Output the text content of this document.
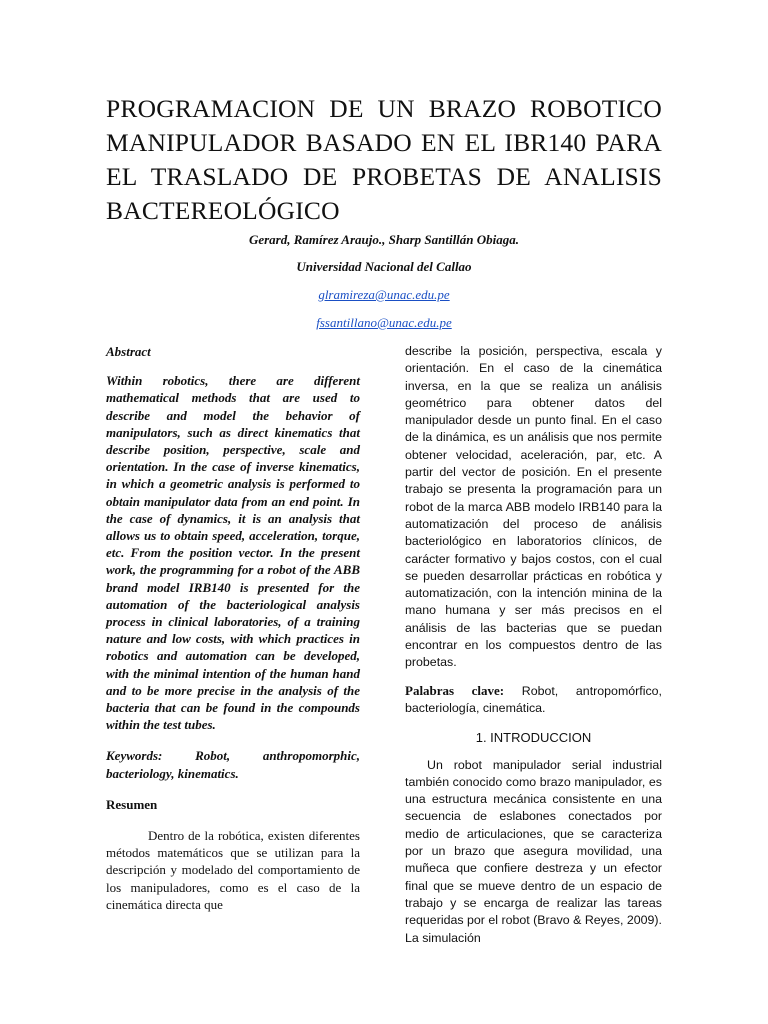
PROGRAMACION DE UN BRAZO ROBOTICO
MANIPULADOR BASADO EN EL IBR140 PARA
EL TRASLADO DE PROBETAS DE ANALISIS
BACTEREOLÓGICO
Gerard, Ramírez Araujo., Sharp Santillán Obiaga.
Universidad Nacional del Callao
glramireza@unac.edu.pe
fssantillano@unac.edu.pe

Abstract

Within robotics, there are different mathematical methods that are used to describe and model the behavior of manipulators, such as direct kinematics that describe position, perspective, scale and orientation. In the case of inverse kinematics, in which a geometric analysis is performed to obtain manipulator data from an end point. In the case of dynamics, it is an analysis that allows us to obtain speed, acceleration, torque, etc. From the position vector. In the present work, the programming for a robot of the ABB brand model IRB140 is presented for the automation of the bacteriological analysis process in clinical laboratories, of a training nature and low costs, with which practices in robotics and automation can be developed, with the minimal intention of the human hand and to be more precise in the analysis of the bacteria that can be found in the compounds within the test tubes.

Keywords: Robot, anthropomorphic, bacteriology, kinematics.

Resumen

Dentro de la robótica, existen diferentes métodos matemáticos que se utilizan para la descripción y modelado del comportamiento de los manipuladores, como es el caso de la cinemática directa que

describe la posición, perspectiva, escala y orientación. En el caso de la cinemática inversa, en la que se realiza un análisis geométrico para obtener datos del manipulador desde un punto final. En el caso de la dinámica, es un análisis que nos permite obtener velocidad, aceleración, par, etc. A partir del vector de posición. En el presente trabajo se presenta la programación para un robot de la marca ABB modelo IRB140 para la automatización del proceso de análisis bacteriológico en laboratorios clínicos, de carácter formativo y bajos costos, con el cual se pueden desarrollar prácticas en robótica y automatización, con la intención minina de la mano humana y ser más precisos en el análisis de las bacterias que se puedan encontrar en los compuestos dentro de las probetas.

Palabras clave: Robot, antropomórfico, bacteriología, cinemática.

1. INTRODUCCION

Un robot manipulador serial industrial también conocido como brazo manipulador, es una estructura mecánica consistente en una secuencia de eslabones conectados por medio de articulaciones, que se caracteriza por un brazo que asegura movilidad, una muñeca que confiere destreza y un efector final que se mueve dentro de un espacio de trabajo y se encarga de realizar las tareas requeridas por el robot (Bravo & Reyes, 2009). La simulación
